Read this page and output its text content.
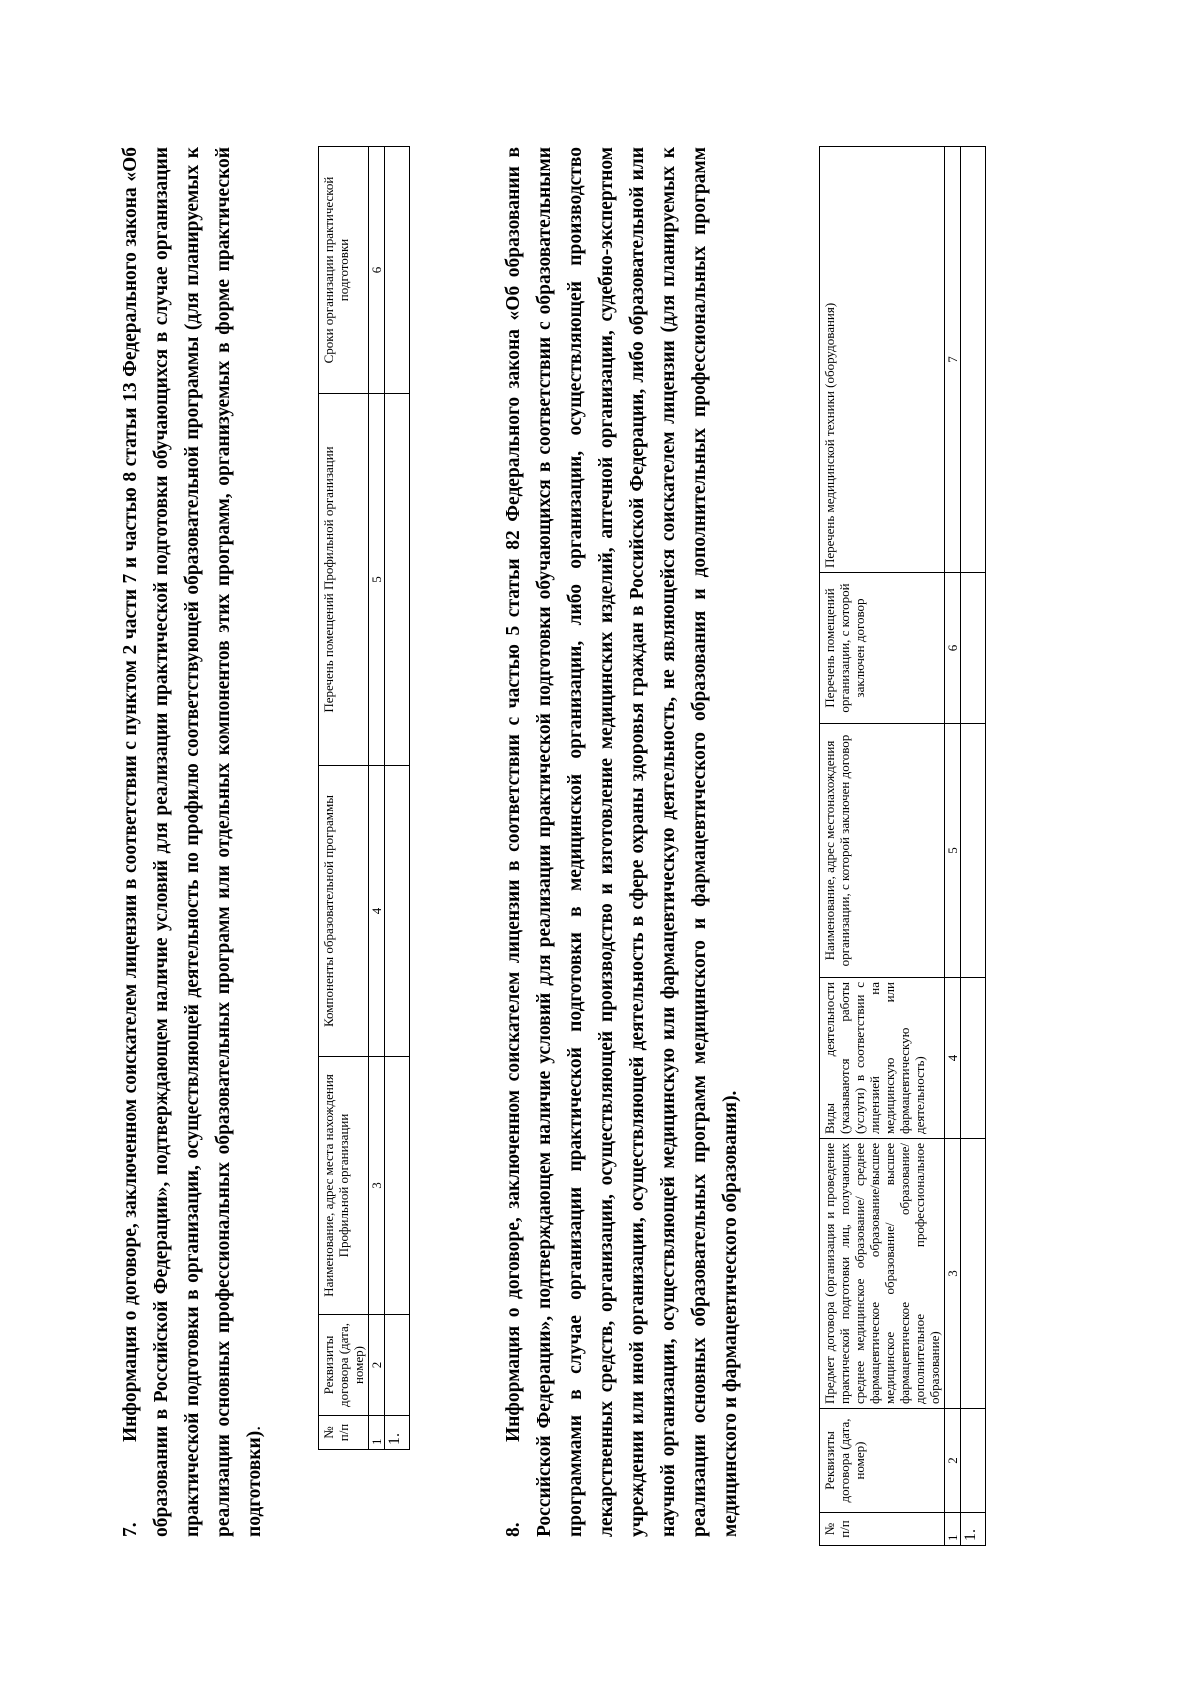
7.Информация о договоре, заключенном соискателем лицензии в соответствии с пунктом 2 части 7 и частью 8 статьи 13 Федерального закона «Об образовании в Российской Федерации», подтверждающем наличие условий для реализации практической подготовки обучающихся в случае организации практической подготовки в организации, осуществляющей деятельность по профилю соответствующей образовательной программы (для планируемых к реализации основных профессиональных образовательных программ или отдельных компонентов этих программ, организуемых в форме практической подготовки).	№ п/п	Реквизиты договора (дата, номер)	Наименование, адрес места нахождения Профильной организации	Компоненты образовательной программы	Перечень помещений Профильной организации	Сроки организации практической подготовки
1	2	3	4	5	6
1.					

8.Информация о договоре, заключенном соискателем лицензии в соответствии с частью 5 статьи 82 Федерального закона «Об образовании в Российской Федерации», подтверждающем наличие условий для реализации практической подготовки обучающихся в соответствии с образовательными программами в случае организации практической подготовки в медицинской организации, либо организации, осуществляющей производство лекарственных средств, организации, осуществляющей производство и изготовление медицинских изделий, аптечной организации, судебно-экспертном учреждении или иной организации, осуществляющей деятельность в сфере охраны здоровья граждан в Российской Федерации, либо образовательной или научной организации, осуществляющей медицинскую или фармацевтическую деятельность, не являющейся соискателем лицензии (для планируемых к реализации основных образовательных программ медицинского и фармацевтического образования и дополнительных профессиональных программ медицинского и фармацевтического образования).	№ п/п	Реквизиты договора (дата, номер)	Предмет договора (организация и проведение практической подготовки лиц, получающих среднее медицинское образование/ среднее фармацевтическое образование/высшее медицинское образование/ высшее фармацевтическое образование/ дополнительное профессиональное образование)	Виды деятельности (указываются работы (услуги) в соответствии с лицензией на медицинскую или фармацевтическую деятельность)	Наименование, адрес местонахождения организации, с которой заключен договор	Перечень помещений организации, с которой заключен договор	Перечень медицинской техники (оборудования)
1	2	3	4	5	6	7
1.						
